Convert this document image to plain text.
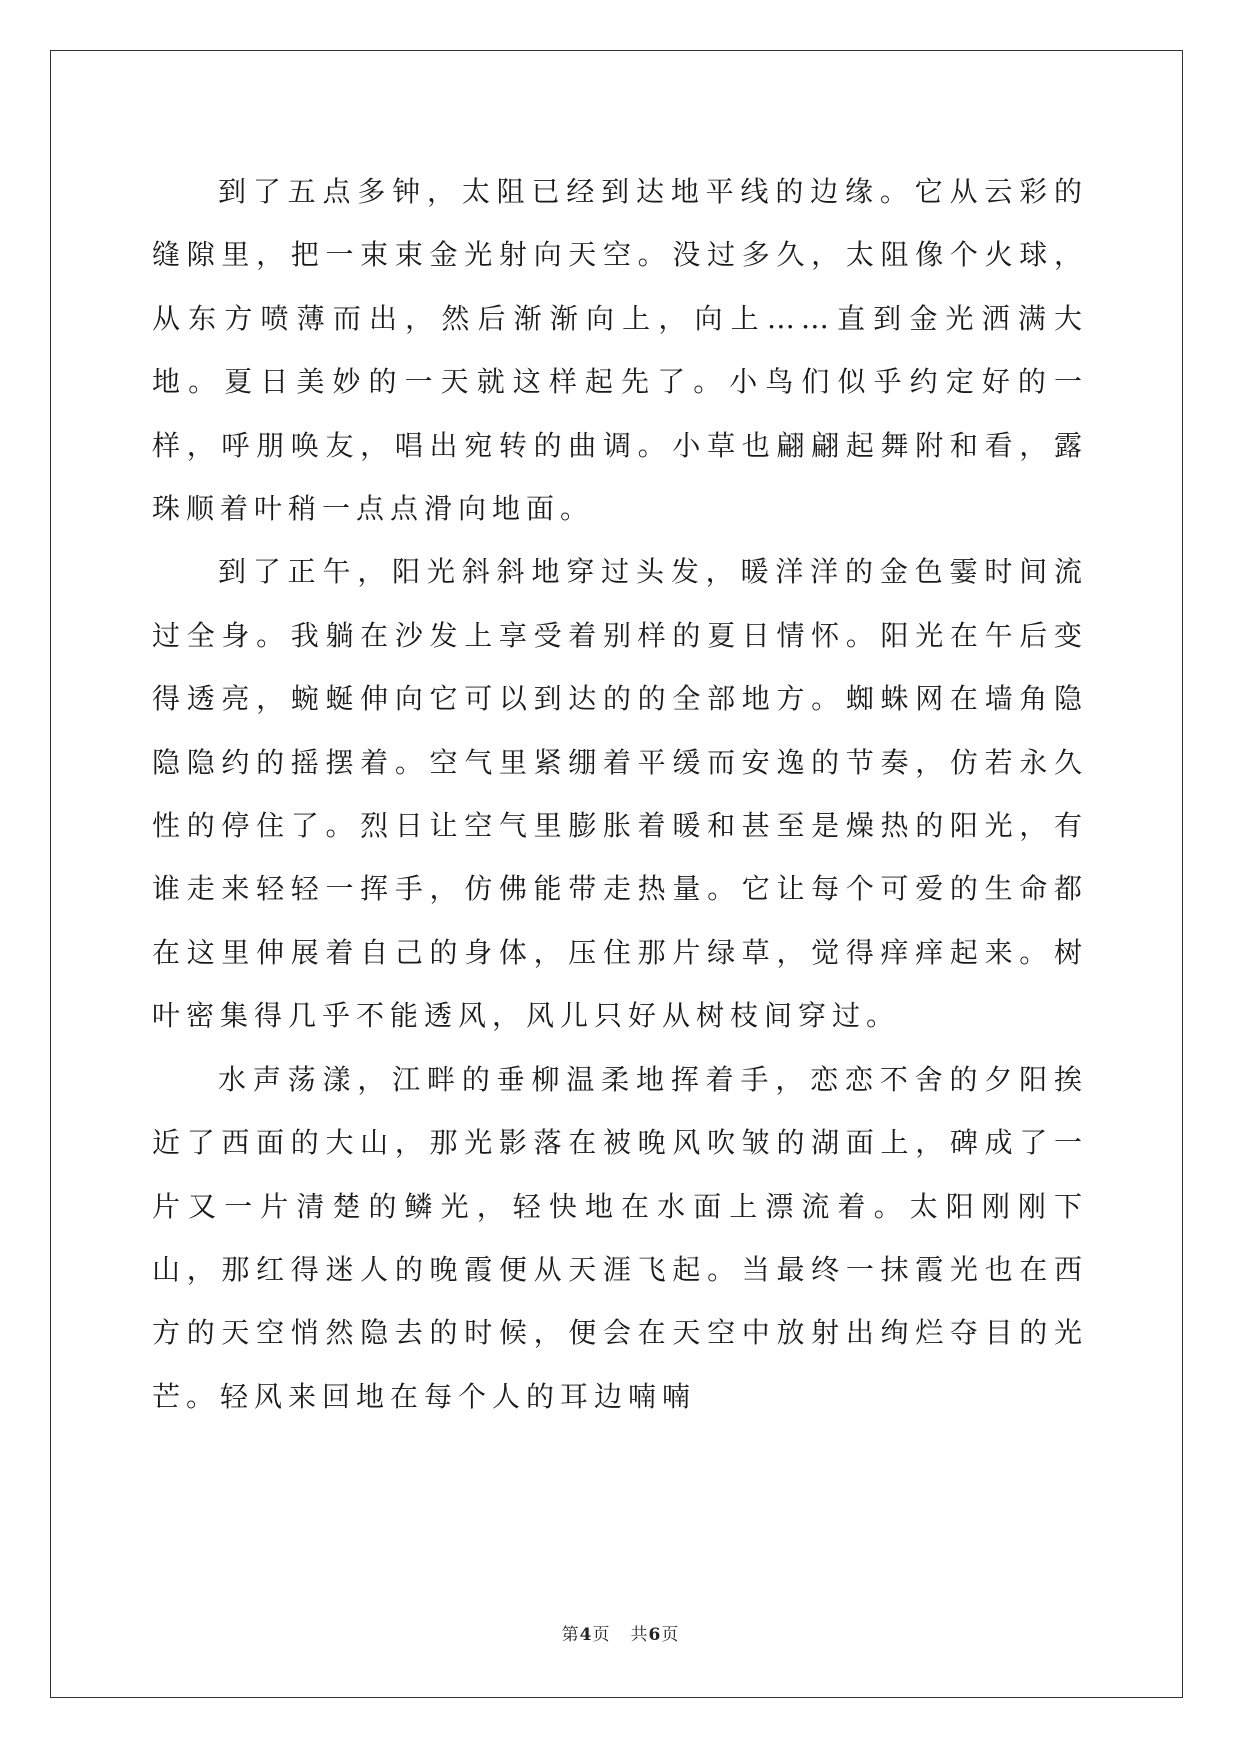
到了五点多钟，太阻已经到达地平线的边缘。它从云彩的缝隙里，把一束束金光射向天空。没过多久，太阻像个火球，从东方喷薄而出，然后渐渐向上，向上……直到金光洒满大地。夏日美妙的一天就这样起先了。小鸟们似乎约定好的一样，呼朋唤友，唱出宛转的曲调。小草也翩翩起舞附和看，露珠顺着叶稍一点点滑向地面。

到了正午，阳光斜斜地穿过头发，暖洋洋的金色霎时间流过全身。我躺在沙发上享受着别样的夏日情怀。阳光在午后变得透亮，蜿蜒伸向它可以到达的的全部地方。蜘蛛网在墙角隐隐隐约的摇摆着。空气里紧绷着平缓而安逸的节奏，仿若永久性的停住了。烈日让空气里膨胀着暖和甚至是燥热的阳光，有谁走来轻轻一挥手，仿佛能带走热量。它让每个可爱的生命都在这里伸展着自己的身体，压住那片绿草，觉得痒痒起来。树叶密集得几乎不能透风，风儿只好从树枝间穿过。

水声荡漾，江畔的垂柳温柔地挥着手，恋恋不舍的夕阳挨近了西面的大山，那光影落在被晚风吹皱的湖面上，碑成了一片又一片清楚的鳞光，轻快地在水面上漂流着。太阳刚刚下山，那红得迷人的晚霞便从天涯飞起。当最终一抹霞光也在西方的天空悄然隐去的时候，便会在天空中放射出绚烂夺目的光芒。轻风来回地在每个人的耳边喃喃

第4页 共6页
